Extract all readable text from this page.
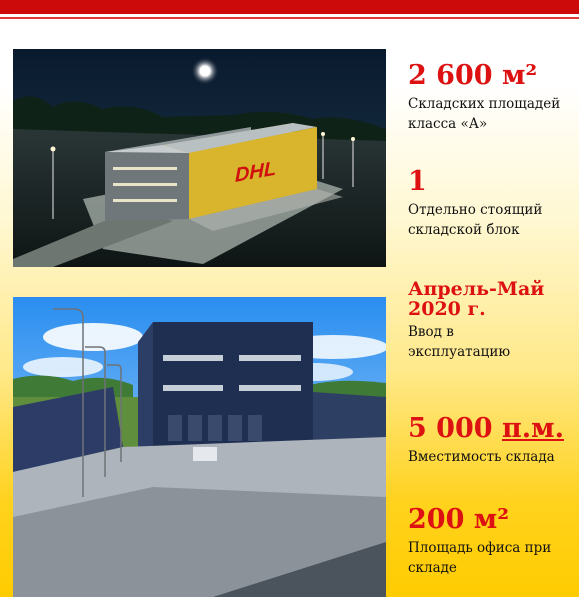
DHL

2 600 м²

Складских площадей

класса «А»

1

Отдельно стоящий

складской блок

Апрель-Май

2020 г.

Ввод в

эксплуатацию

5 000 п.м.

Вместимость склада

200 м²

Площадь офиса при

складе
